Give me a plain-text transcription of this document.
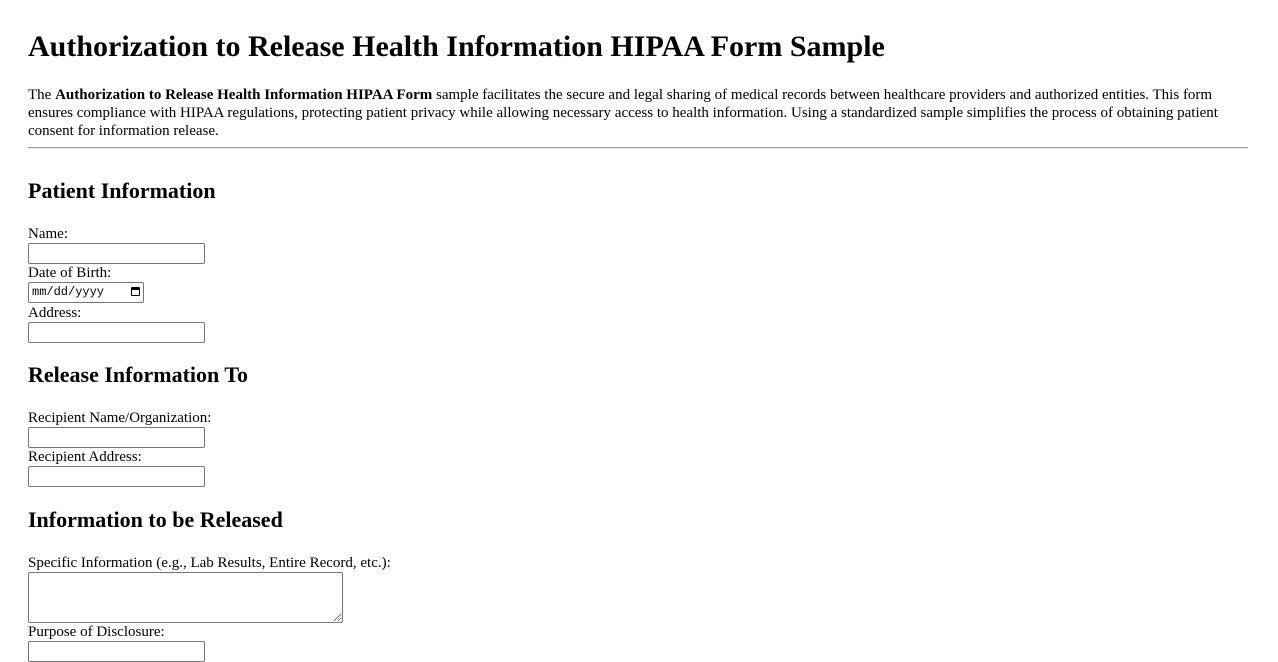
Authorization to Release Health Information HIPAA Form Sample

The Authorization to Release Health Information HIPAA Form sample facilitates the secure and legal sharing of medical records between healthcare providers and authorized entities. This form ensures compliance with HIPAA regulations, protecting patient privacy while allowing necessary access to health information. Using a standardized sample simplifies the process of obtaining patient consent for information release.

Patient Information
Name:
Date of Birth:
mm/dd/yyyy
Address:
Release Information To
Recipient Name/Organization:
Recipient Address:
Information to be Released
Specific Information (e.g., Lab Results, Entire Record, etc.):
Purpose of Disclosure:
